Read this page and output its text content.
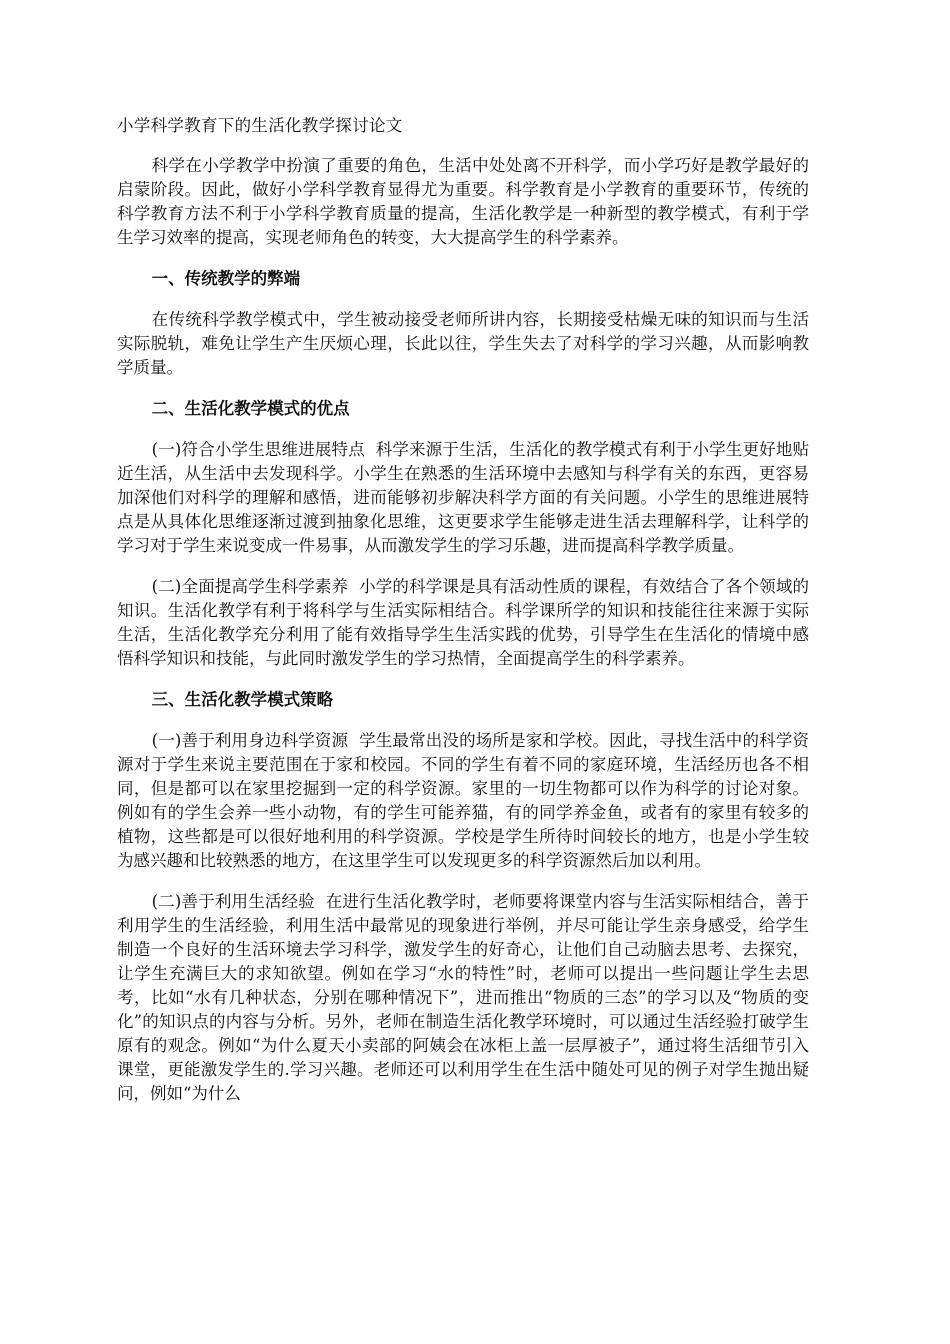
小学科学教育下的生活化教学探讨论文

科学在小学教学中扮演了重要的角色，生活中处处离不开科学，而小学巧好是教学最好的启蒙阶段。因此，做好小学科学教育显得尤为重要。科学教育是小学教育的重要环节，传统的科学教育方法不利于小学科学教育质量的提高，生活化教学是一种新型的教学模式，有利于学生学习效率的提高，实现老师角色的转变，大大提高学生的科学素养。

一、传统教学的弊端

在传统科学教学模式中，学生被动接受老师所讲内容，长期接受枯燥无味的知识而与生活实际脱轨，难免让学生产生厌烦心理，长此以往，学生失去了对科学的学习兴趣，从而影响教学质量。

二、生活化教学模式的优点

(一)符合小学生思维进展特点  科学来源于生活，生活化的教学模式有利于小学生更好地贴近生活，从生活中去发现科学。小学生在熟悉的生活环境中去感知与科学有关的东西，更容易加深他们对科学的理解和感悟，进而能够初步解决科学方面的有关问题。小学生的思维进展特点是从具体化思维逐渐过渡到抽象化思维，这更要求学生能够走进生活去理解科学，让科学的学习对于学生来说变成一件易事，从而激发学生的学习乐趣，进而提高科学教学质量。

(二)全面提高学生科学素养  小学的科学课是具有活动性质的课程，有效结合了各个领域的知识。生活化教学有利于将科学与生活实际相结合。科学课所学的知识和技能往往来源于实际生活，生活化教学充分利用了能有效指导学生生活实践的优势，引导学生在生活化的情境中感悟科学知识和技能，与此同时激发学生的学习热情，全面提高学生的科学素养。

三、生活化教学模式策略

(一)善于利用身边科学资源  学生最常出没的场所是家和学校。因此，寻找生活中的科学资源对于学生来说主要范围在于家和校园。不同的学生有着不同的家庭环境，生活经历也各不相同，但是都可以在家里挖掘到一定的科学资源。家里的一切生物都可以作为科学的讨论对象。例如有的学生会养一些小动物，有的学生可能养猫，有的同学养金鱼，或者有的家里有较多的植物，这些都是可以很好地利用的科学资源。学校是学生所待时间较长的地方，也是小学生较为感兴趣和比较熟悉的地方，在这里学生可以发现更多的科学资源然后加以利用。

(二)善于利用生活经验  在进行生活化教学时，老师要将课堂内容与生活实际相结合，善于利用学生的生活经验，利用生活中最常见的现象进行举例，并尽可能让学生亲身感受，给学生制造一个良好的生活环境去学习科学，激发学生的好奇心，让他们自己动脑去思考、去探究，让学生充满巨大的求知欲望。例如在学习“水的特性”时，老师可以提出一些问题让学生去思考，比如“水有几种状态，分别在哪种情况下”，进而推出“物质的三态”的学习以及“物质的变化”的知识点的内容与分析。另外，老师在制造生活化教学环境时，可以通过生活经验打破学生原有的观念。例如“为什么夏天小卖部的阿姨会在冰柜上盖一层厚被子”，通过将生活细节引入课堂，更能激发学生的.学习兴趣。老师还可以利用学生在生活中随处可见的例子对学生抛出疑问，例如“为什么
